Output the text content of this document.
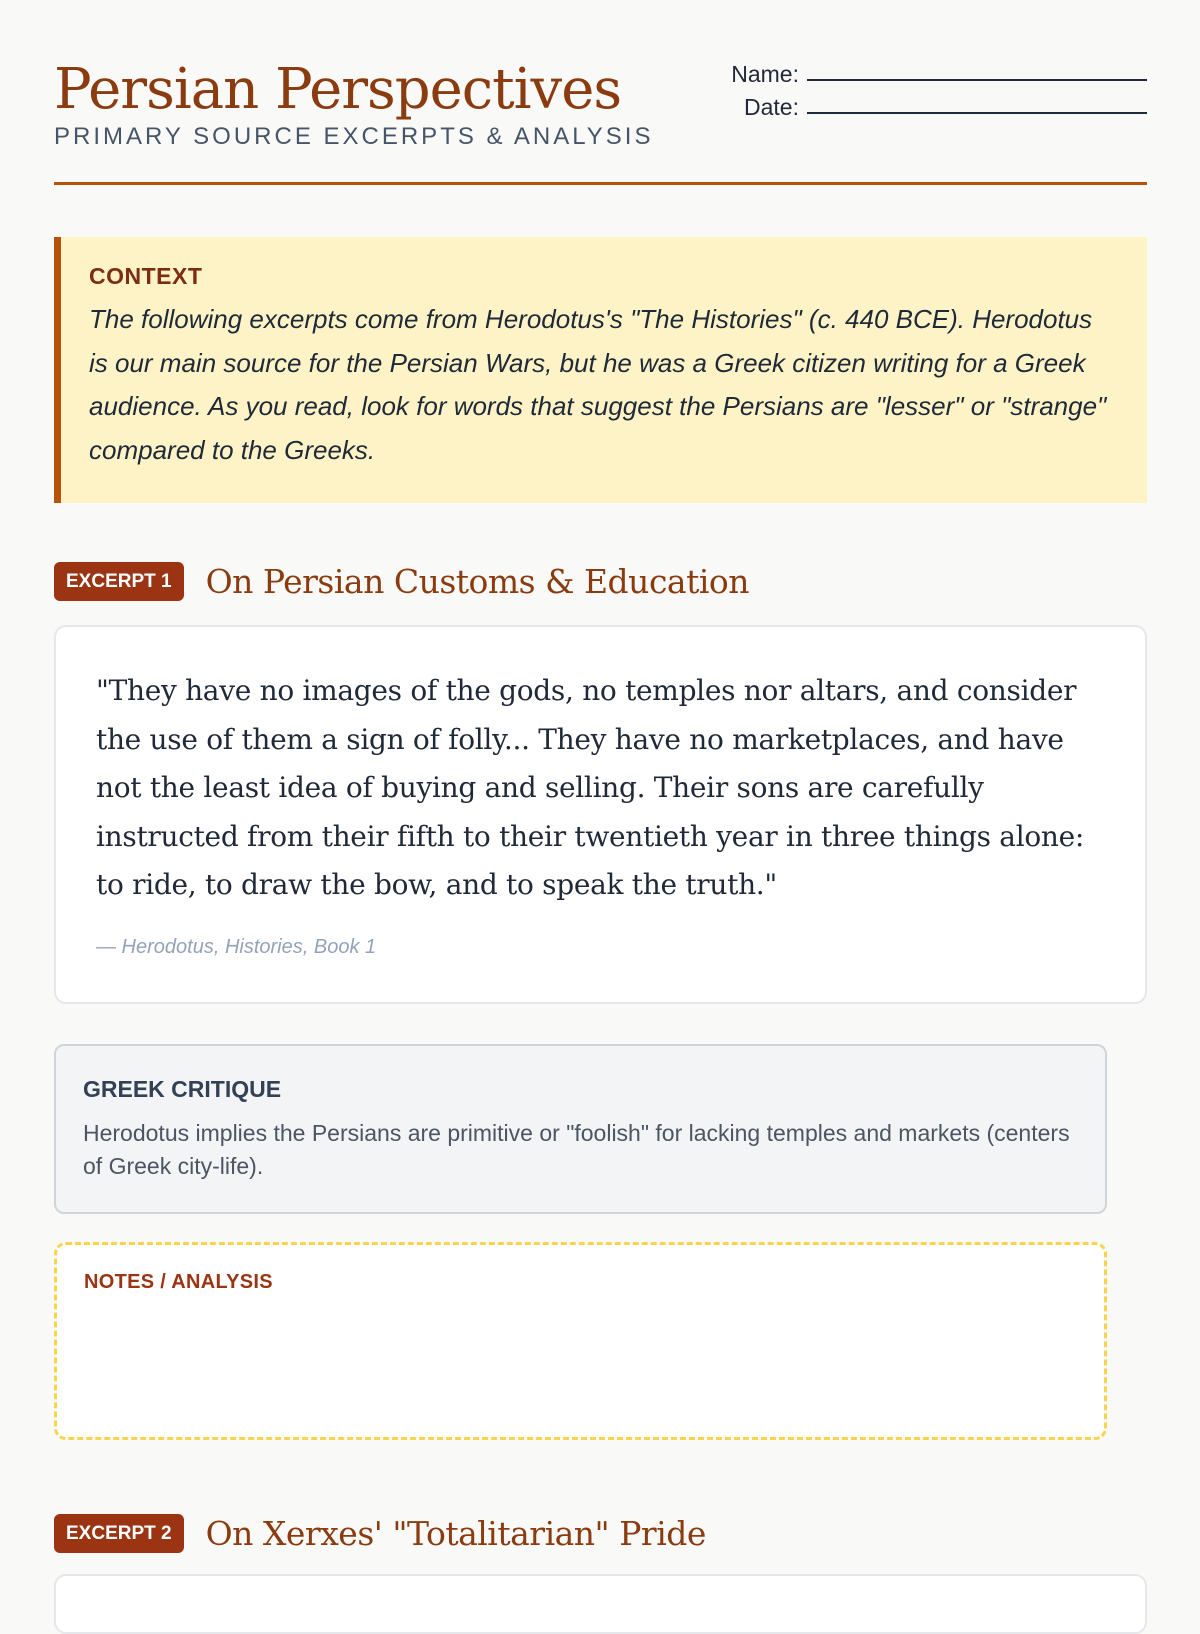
Persian Perspectives
PRIMARY SOURCE EXCERPTS & ANALYSIS
Name:
Date:
CONTEXT
The following excerpts come from Herodotus's "The Histories" (c. 440 BCE). Herodotus is our main source for the Persian Wars, but he was a Greek citizen writing for a Greek audience. As you read, look for words that suggest the Persians are "lesser" or "strange" compared to the Greeks.
EXCERPT 1	On Persian Customs & Education
"They have no images of the gods, no temples nor altars, and consider the use of them a sign of folly... They have no marketplaces, and have not the least idea of buying and selling. Their sons are carefully instructed from their fifth to their twentieth year in three things alone: to ride, to draw the bow, and to speak the truth."
— Herodotus, Histories, Book 1
GREEK CRITIQUE
Herodotus implies the Persians are primitive or "foolish" for lacking temples and markets (centers of Greek city-life).
NOTES / ANALYSIS
EXCERPT 2	On Xerxes' "Totalitarian" Pride
